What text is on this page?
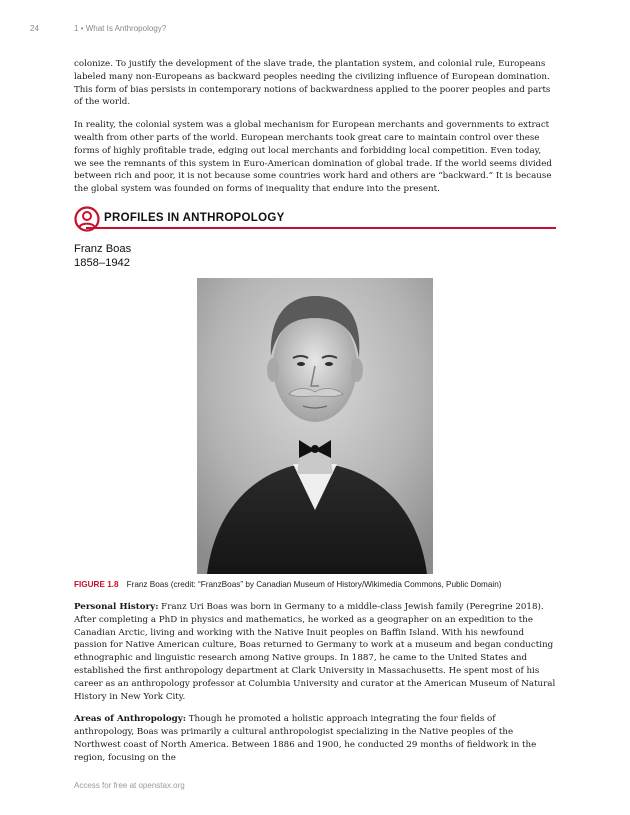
24	1 • What Is Anthropology?

colonize. To justify the development of the slave trade, the plantation system, and colonial rule, Europeans labeled many non-Europeans as backward peoples needing the civilizing influence of European domination. This form of bias persists in contemporary notions of backwardness applied to the poorer peoples and parts of the world.

In reality, the colonial system was a global mechanism for European merchants and governments to extract wealth from other parts of the world. European merchants took great care to maintain control over these forms of highly profitable trade, edging out local merchants and forbidding local competition. Even today, we see the remnants of this system in Euro-American domination of global trade. If the world seems divided between rich and poor, it is not because some countries work hard and others are “backward.” It is because the global system was founded on forms of inequality that endure into the present.

PROFILES IN ANTHROPOLOGY
Franz Boas
1858–1942
FIGURE 1.8 Franz Boas (credit: “FranzBoas” by Canadian Museum of History/Wikimedia Commons, Public Domain)

Personal History: Franz Uri Boas was born in Germany to a middle-class Jewish family (Peregrine 2018). After completing a PhD in physics and mathematics, he worked as a geographer on an expedition to the Canadian Arctic, living and working with the Native Inuit peoples on Baffin Island. With his newfound passion for Native American culture, Boas returned to Germany to work at a museum and began conducting ethnographic and linguistic research among Native groups. In 1887, he came to the United States and established the first anthropology department at Clark University in Massachusetts. He spent most of his career as an anthropology professor at Columbia University and curator at the American Museum of Natural History in New York City.

Areas of Anthropology: Though he promoted a holistic approach integrating the four fields of anthropology, Boas was primarily a cultural anthropologist specializing in the Native peoples of the Northwest coast of North America. Between 1886 and 1900, he conducted 29 months of fieldwork in the region, focusing on the

Access for free at openstax.org
